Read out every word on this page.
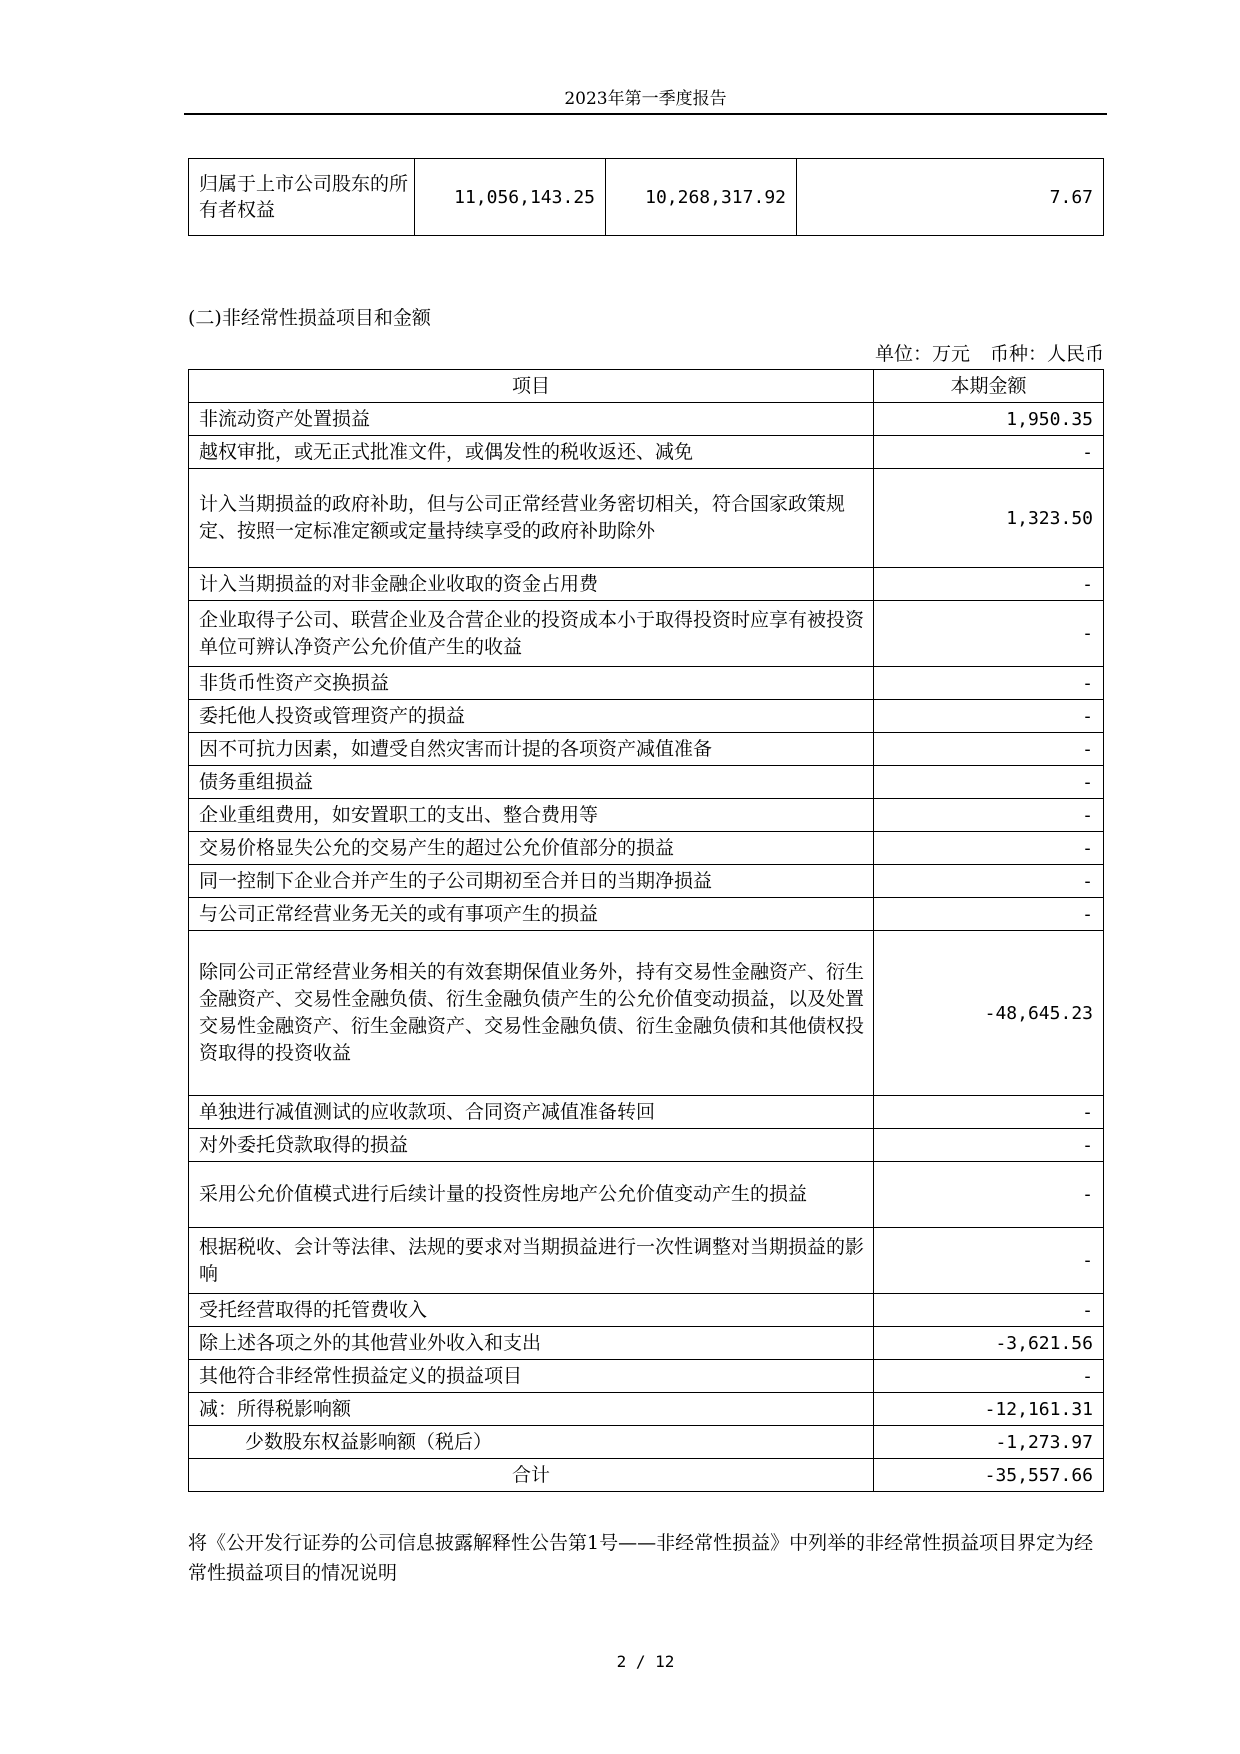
2023年第一季度报告
归属于上市公司股东的所有者权益	11,056,143.25	10,268,317.92	7.67
(二)非经常性损益项目和金额
单位：万元 币种：人民币
项目	本期金额
非流动资产处置损益	1,950.35
越权审批，或无正式批准文件，或偶发性的税收返还、减免	-
计入当期损益的政府补助，但与公司正常经营业务密切相关，符合国家政策规定、按照一定标准定额或定量持续享受的政府补助除外	1,323.50
计入当期损益的对非金融企业收取的资金占用费	-
企业取得子公司、联营企业及合营企业的投资成本小于取得投资时应享有被投资单位可辨认净资产公允价值产生的收益	-
非货币性资产交换损益	-
委托他人投资或管理资产的损益	-
因不可抗力因素，如遭受自然灾害而计提的各项资产减值准备	-
债务重组损益	-
企业重组费用，如安置职工的支出、整合费用等	-
交易价格显失公允的交易产生的超过公允价值部分的损益	-
同一控制下企业合并产生的子公司期初至合并日的当期净损益	-
与公司正常经营业务无关的或有事项产生的损益	-
除同公司正常经营业务相关的有效套期保值业务外，持有交易性金融资产、衍生金融资产、交易性金融负债、衍生金融负债产生的公允价值变动损益，以及处置交易性金融资产、衍生金融资产、交易性金融负债、衍生金融负债和其他债权投资取得的投资收益	-48,645.23
单独进行减值测试的应收款项、合同资产减值准备转回	-
对外委托贷款取得的损益	-
采用公允价值模式进行后续计量的投资性房地产公允价值变动产生的损益	-
根据税收、会计等法律、法规的要求对当期损益进行一次性调整对当期损益的影响	-
受托经营取得的托管费收入	-
除上述各项之外的其他营业外收入和支出	-3,621.56
其他符合非经常性损益定义的损益项目	-
减：所得税影响额	-12,161.31
少数股东权益影响额（税后）	-1,273.97
合计	-35,557.66
将《公开发行证券的公司信息披露解释性公告第1号——非经常性损益》中列举的非经常性损益项目界定为经常性损益项目的情况说明
2 / 12
